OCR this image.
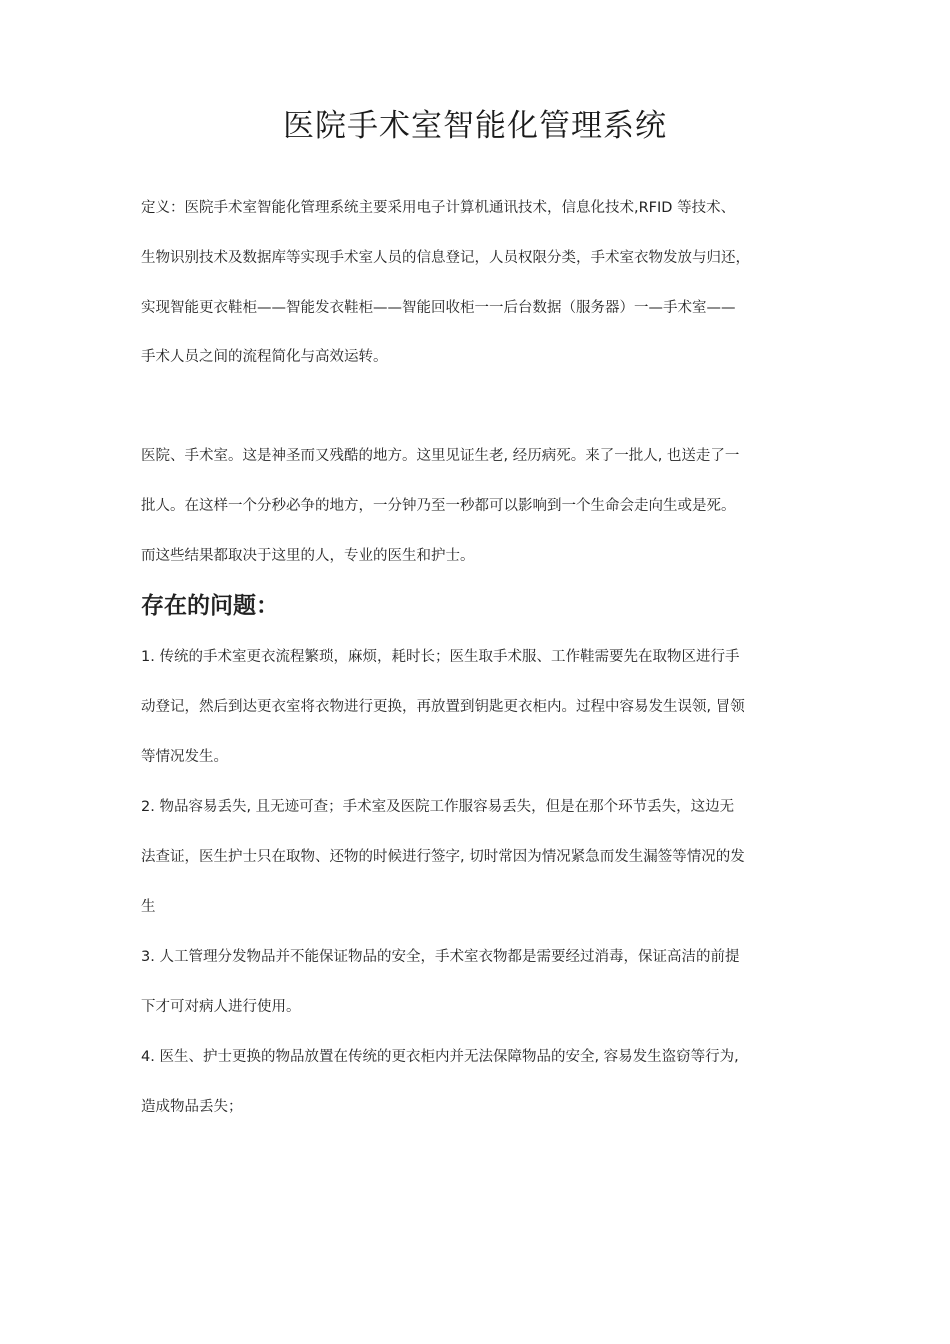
医院手术室智能化管理系统
定义：医院手术室智能化管理系统主要采用电子计算机通讯技术，信息化技术,RFID 等技术、
生物识别技术及数据库等实现手术室人员的信息登记，人员权限分类，手术室衣物发放与归还，
实现智能更衣鞋柜——智能发衣鞋柜——智能回收柜一一后台数据（服务器）一—手术室——
手术人员之间的流程简化与高效运转。
医院、手术室。这是神圣而又残酷的地方。这里见证生老, 经历病死。来了一批人, 也送走了一
批人。在这样一个分秒必争的地方，一分钟乃至一秒都可以影响到一个生命会走向生或是死。
而这些结果都取决于这里的人，专业的医生和护士。
存在的问题：
1. 传统的手术室更衣流程繁琐，麻烦，耗时长；医生取手术服、工作鞋需要先在取物区进行手
动登记，然后到达更衣室将衣物进行更换，再放置到钥匙更衣柜内。过程中容易发生误领, 冒领
等情况发生。
2. 物品容易丢失, 且无迹可查；手术室及医院工作服容易丢失，但是在那个环节丢失，这边无
法查证，医生护士只在取物、还物的时候进行签字, 切时常因为情况紧急而发生漏签等情况的发
生
3. 人工管理分发物品并不能保证物品的安全，手术室衣物都是需要经过消毒，保证高洁的前提
下才可对病人进行使用。
4. 医生、护士更换的物品放置在传统的更衣柜内并无法保障物品的安全, 容易发生盗窃等行为,
造成物品丢失；
